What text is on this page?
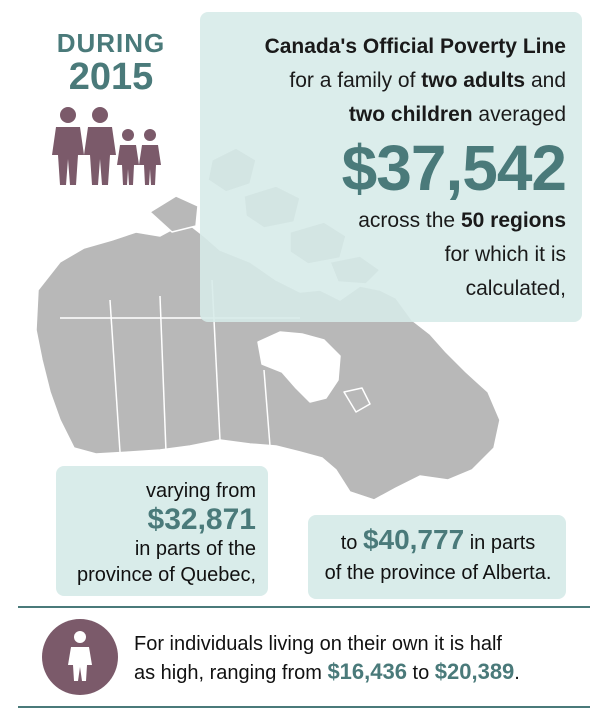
DURING
2015
Canada's Official Poverty Line
for a family of two adults and
two children averaged
$37,542
across the 50 regions
for which it is
calculated,
varying from
$32,871
in parts of the
province of Quebec,
to $40,777 in parts
of the province of Alberta.
For individuals living on their own it is half
as high, ranging from $16,436 to $20,389.
